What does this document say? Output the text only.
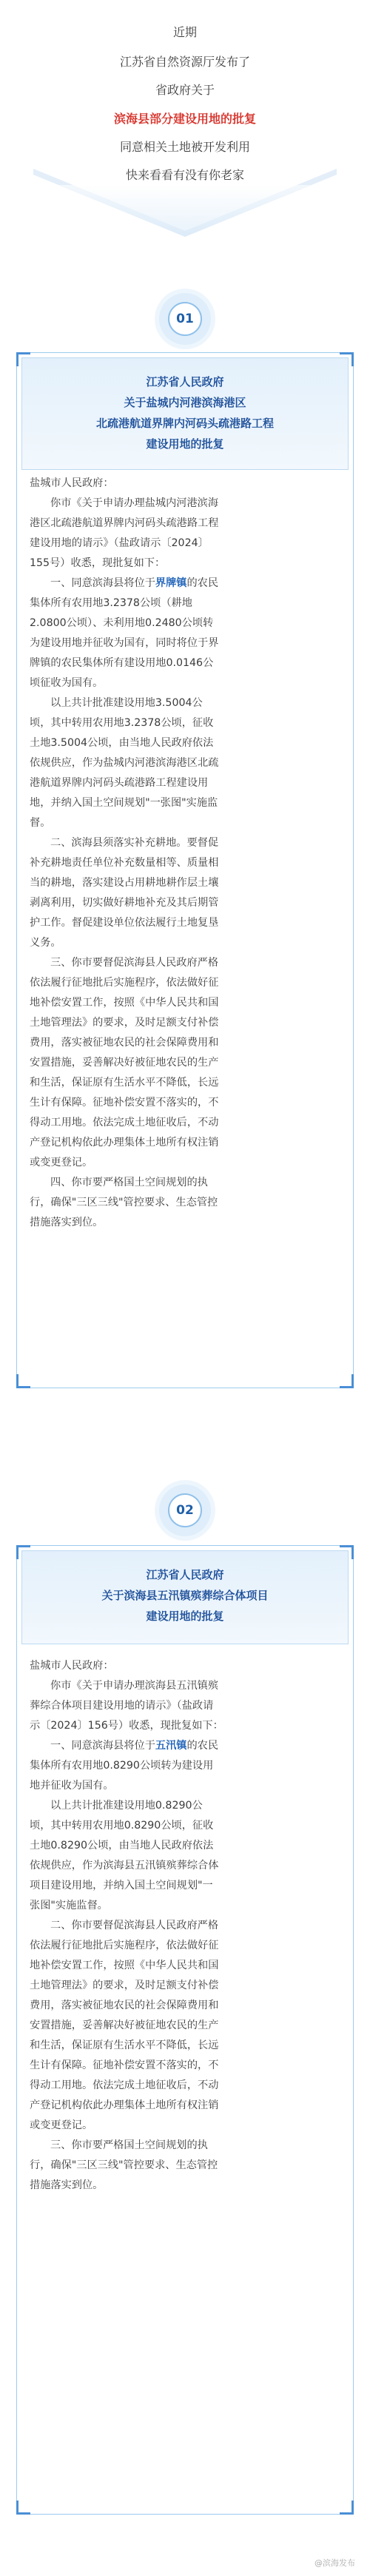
近期
江苏省自然资源厅发布了
省政府关于
滨海县部分建设用地的批复
同意相关土地被开发利用
快来看看有没有你老家
01
江苏省人民政府
关于盐城内河港滨海港区
北疏港航道界牌内河码头疏港路工程
建设用地的批复
盐城市人民政府：
你市《关于申请办理盐城内河港滨海
港区北疏港航道界牌内河码头疏港路工程
建设用地的请示》（盐政请示〔2024〕
155号）收悉，现批复如下：
一、同意滨海县将位于界牌镇的农民
集体所有农用地3.2378公顷（耕地
2.0800公顷）、未利用地0.2480公顷转
为建设用地并征收为国有，同时将位于界
牌镇的农民集体所有建设用地0.0146公
顷征收为国有。
以上共计批准建设用地3.5004公
顷，其中转用农用地3.2378公顷，征收
土地3.5004公顷，由当地人民政府依法
依规供应，作为盐城内河港滨海港区北疏
港航道界牌内河码头疏港路工程建设用
地，并纳入国土空间规划"一张图"实施监
督。
二、滨海县须落实补充耕地。要督促
补充耕地责任单位补充数量相等、质量相
当的耕地，落实建设占用耕地耕作层土壤
剥离利用，切实做好耕地补充及其后期管
护工作。督促建设单位依法履行土地复垦
义务。
三、你市要督促滨海县人民政府严格
依法履行征地批后实施程序，依法做好征
地补偿安置工作，按照《中华人民共和国
土地管理法》的要求，及时足额支付补偿
费用，落实被征地农民的社会保障费用和
安置措施，妥善解决好被征地农民的生产
和生活，保证原有生活水平不降低，长远
生计有保障。征地补偿安置不落实的，不
得动工用地。依法完成土地征收后，不动
产登记机构依此办理集体土地所有权注销
或变更登记。
四、你市要严格国土空间规划的执
行，确保"三区三线"管控要求、生态管控
措施落实到位。
02
江苏省人民政府
关于滨海县五汛镇殡葬综合体项目
建设用地的批复
盐城市人民政府：
你市《关于申请办理滨海县五汛镇殡
葬综合体项目建设用地的请示》（盐政请
示〔2024〕156号）收悉，现批复如下：
一、同意滨海县将位于五汛镇的农民
集体所有农用地0.8290公顷转为建设用
地并征收为国有。
以上共计批准建设用地0.8290公
顷，其中转用农用地0.8290公顷，征收
土地0.8290公顷，由当地人民政府依法
依规供应，作为滨海县五汛镇殡葬综合体
项目建设用地，并纳入国土空间规划"一
张图"实施监督。
二、你市要督促滨海县人民政府严格
依法履行征地批后实施程序，依法做好征
地补偿安置工作，按照《中华人民共和国
土地管理法》的要求，及时足额支付补偿
费用，落实被征地农民的社会保障费用和
安置措施，妥善解决好被征地农民的生产
和生活，保证原有生活水平不降低，长远
生计有保障。征地补偿安置不落实的，不
得动工用地。依法完成土地征收后，不动
产登记机构依此办理集体土地所有权注销
或变更登记。
三、你市要严格国土空间规划的执
行，确保"三区三线"管控要求、生态管控
措施落实到位。
@滨海发布
